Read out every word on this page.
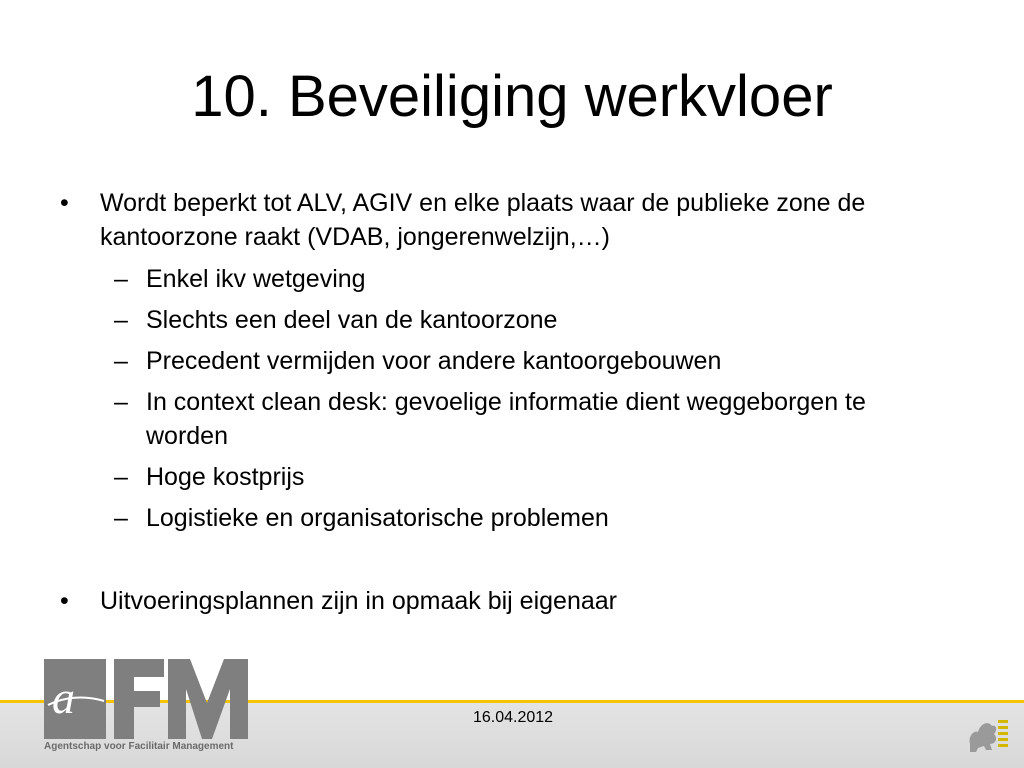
10. Beveiliging werkvloer
• Wordt beperkt tot ALV, AGIV en elke plaats waar de publieke zone de kantoorzone raakt (VDAB, jongerenwelzijn,…)
– Enkel ikv wetgeving
– Slechts een deel van de kantoorzone
– Precedent vermijden voor andere kantoorgebouwen
– In context clean desk: gevoelige informatie dient weggeborgen te worden
– Hoge kostprijs
– Logistieke en organisatorische problemen
• Uitvoeringsplannen zijn in opmaak bij eigenaar
16.04.2012
a
Agentschap voor Facilitair Management
